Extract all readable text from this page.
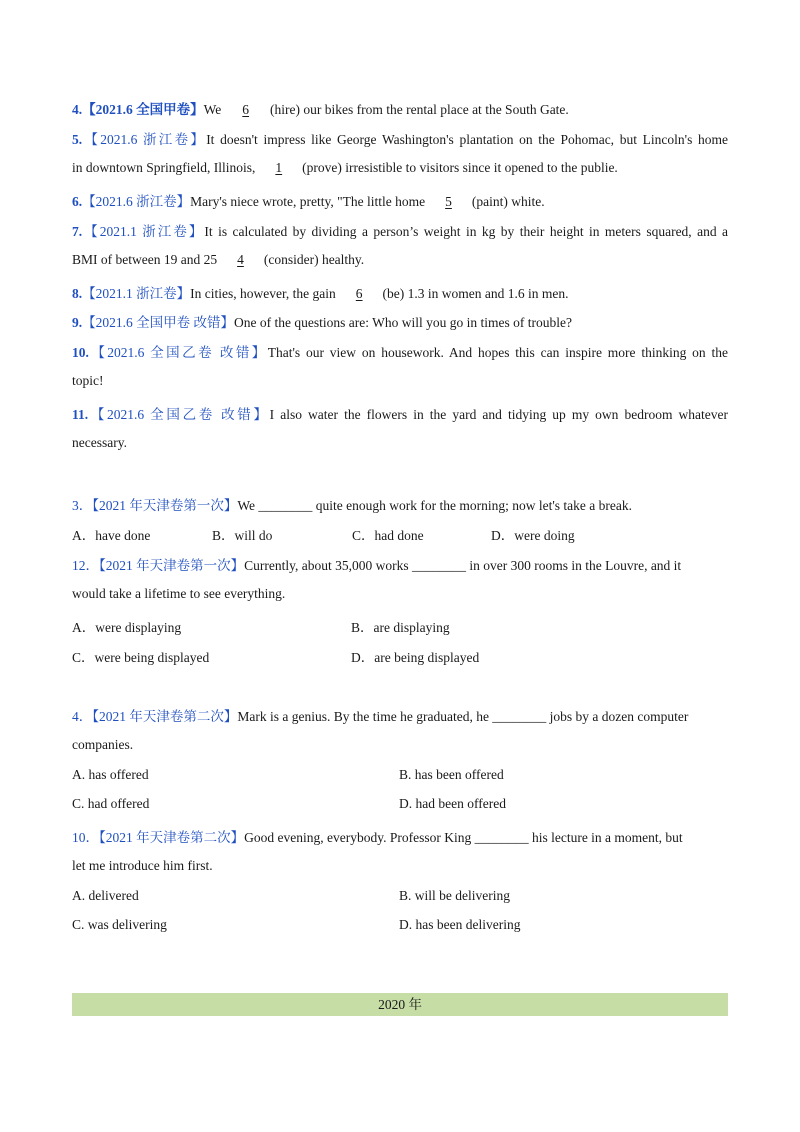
4.【2021.6 全国甲卷】We 6 (hire) our bikes from the rental place at the South Gate.
5.【2021.6 浙江卷】It doesn't impress like George Washington's plantation on the Pohomac, but Lincoln's home
in downtown Springfield, Illinois, 1 (prove) irresistible to visitors since it opened to the publie.
6.【2021.6 浙江卷】Mary's niece wrote, pretty, "The little home 5 (paint) white.
7.【2021.1 浙江卷】It is calculated by dividing a person’s weight in kg by their height in meters squared, and a
BMI of between 19 and 25 4 (consider) healthy.
8.【2021.1 浙江卷】In cities, however, the gain 6 (be) 1.3 in women and 1.6 in men.
9.【2021.6 全国甲卷 改错】One of the questions are: Who will you go in times of trouble?
10.【2021.6 全国乙卷 改错】That's our view on housework. And hopes this can inspire more thinking on the
topic!
11.【2021.6 全国乙卷 改错】I also water the flowers in the yard and tidying up my own bedroom whatever
necessary.
3．【2021 年天津卷第一次】We ________ quite enough work for the morning; now let's take a break.
A．have done	B．will do	C．had done	D．were doing
12．【2021 年天津卷第一次】Currently, about 35,000 works ________ in over 300 rooms in the Louvre, and it
would take a lifetime to see everything.
A．were displaying	B．are displaying
C．were being displayed	D．are being displayed
4．【2021 年天津卷第二次】Mark is a genius. By the time he graduated, he ________ jobs by a dozen computer
companies.
A. has offered	B. has been offered
C. had offered	D. had been offered
10．【2021 年天津卷第二次】Good evening, everybody. Professor King ________ his lecture in a moment, but
let me introduce him first.
A. delivered	B. will be delivering
C. was delivering	D. has been delivering
2020 年
